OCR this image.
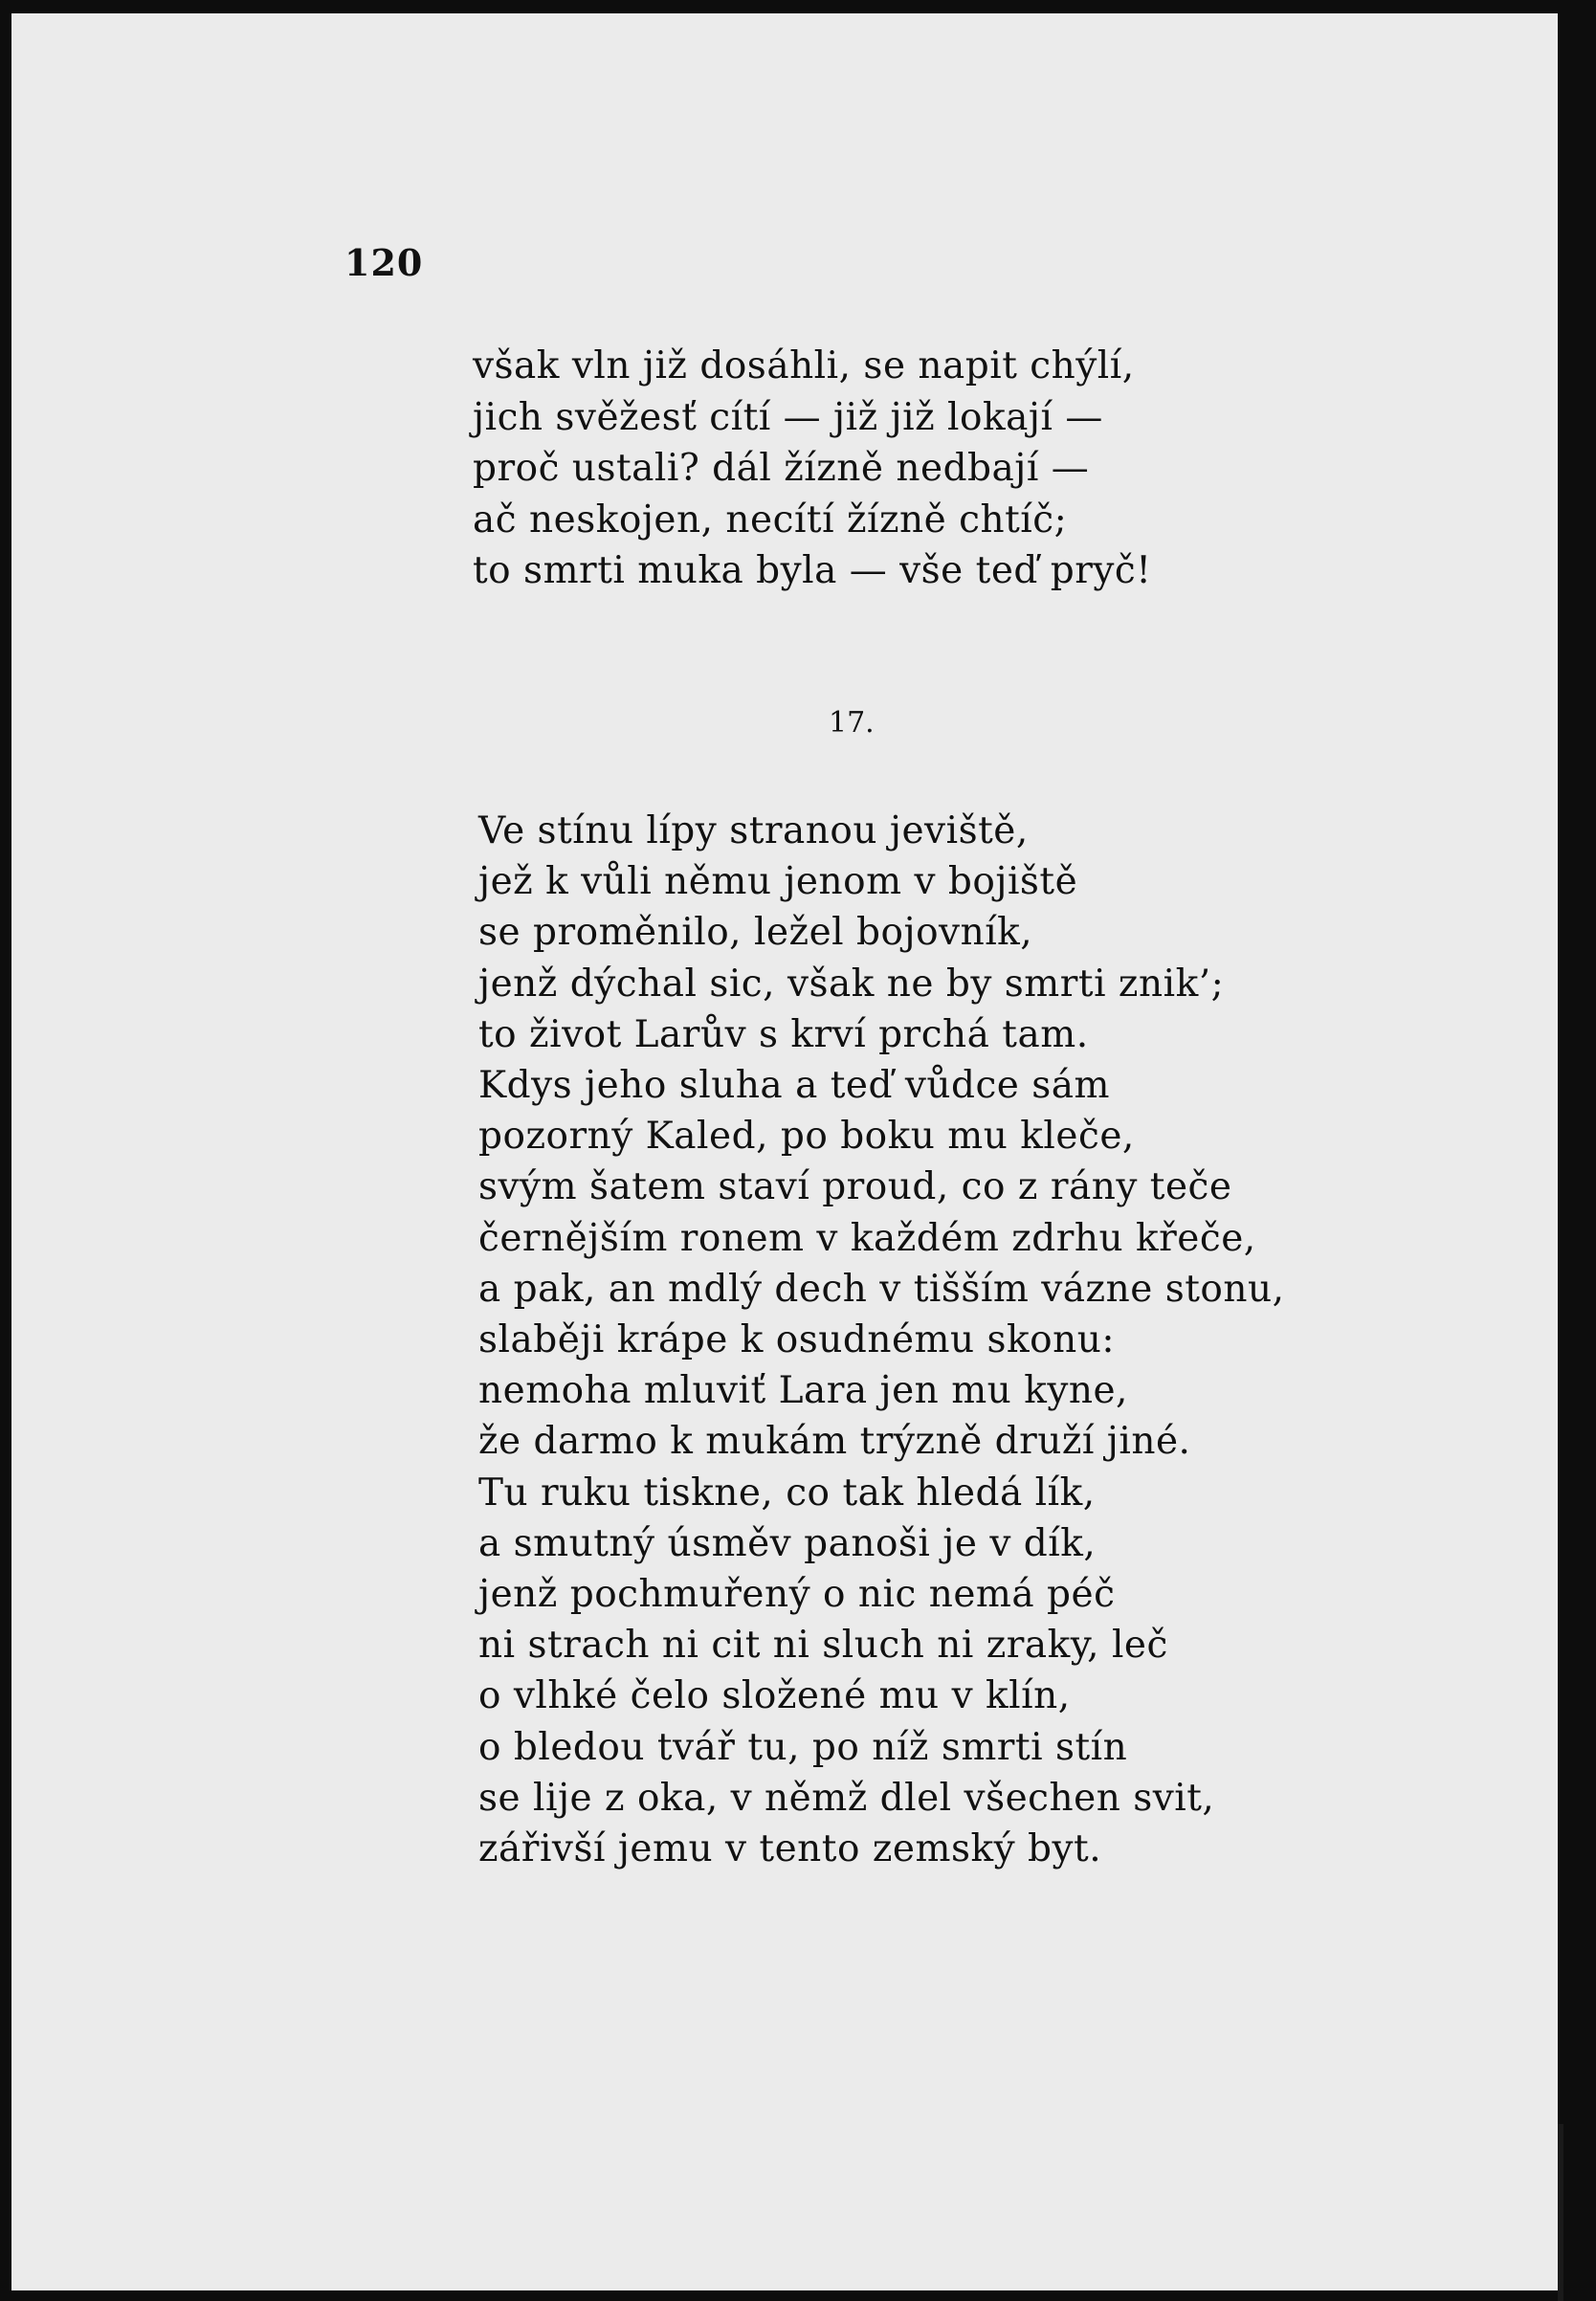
120
však vln již dosáhli, se napit chýlí,
jich svěžesť cítí — již již lokají —
proč ustali? dál žízně nedbají —
ač neskojen, necítí žízně chtíč;
to smrti muka byla — vše teď pryč!
17.
Ve stínu lípy stranou jeviště,
jež k vůli němu jenom v bojiště
se proměnilo, ležel bojovník,
jenž dýchal sic, však ne by smrti znik’;
to život Larův s krví prchá tam.
Kdys jeho sluha a teď vůdce sám
pozorný Kaled, po boku mu kleče,
svým šatem staví proud, co z rány teče
černějším ronem v každém zdrhu křeče,
a pak, an mdlý dech v tišším vázne stonu,
slaběji krápe k osudnému skonu:
nemoha mluviť Lara jen mu kyne,
že darmo k mukám trýzně druží jiné.
Tu ruku tiskne, co tak hledá lík,
a smutný úsměv panoši je v dík,
jenž pochmuřený o nic nemá péč
ni strach ni cit ni sluch ni zraky, leč
o vlhké čelo složené mu v klín,
o bledou tvář tu, po níž smrti stín
se lije z oka, v němž dlel všechen svit,
zářivší jemu v tento zemský byt.
